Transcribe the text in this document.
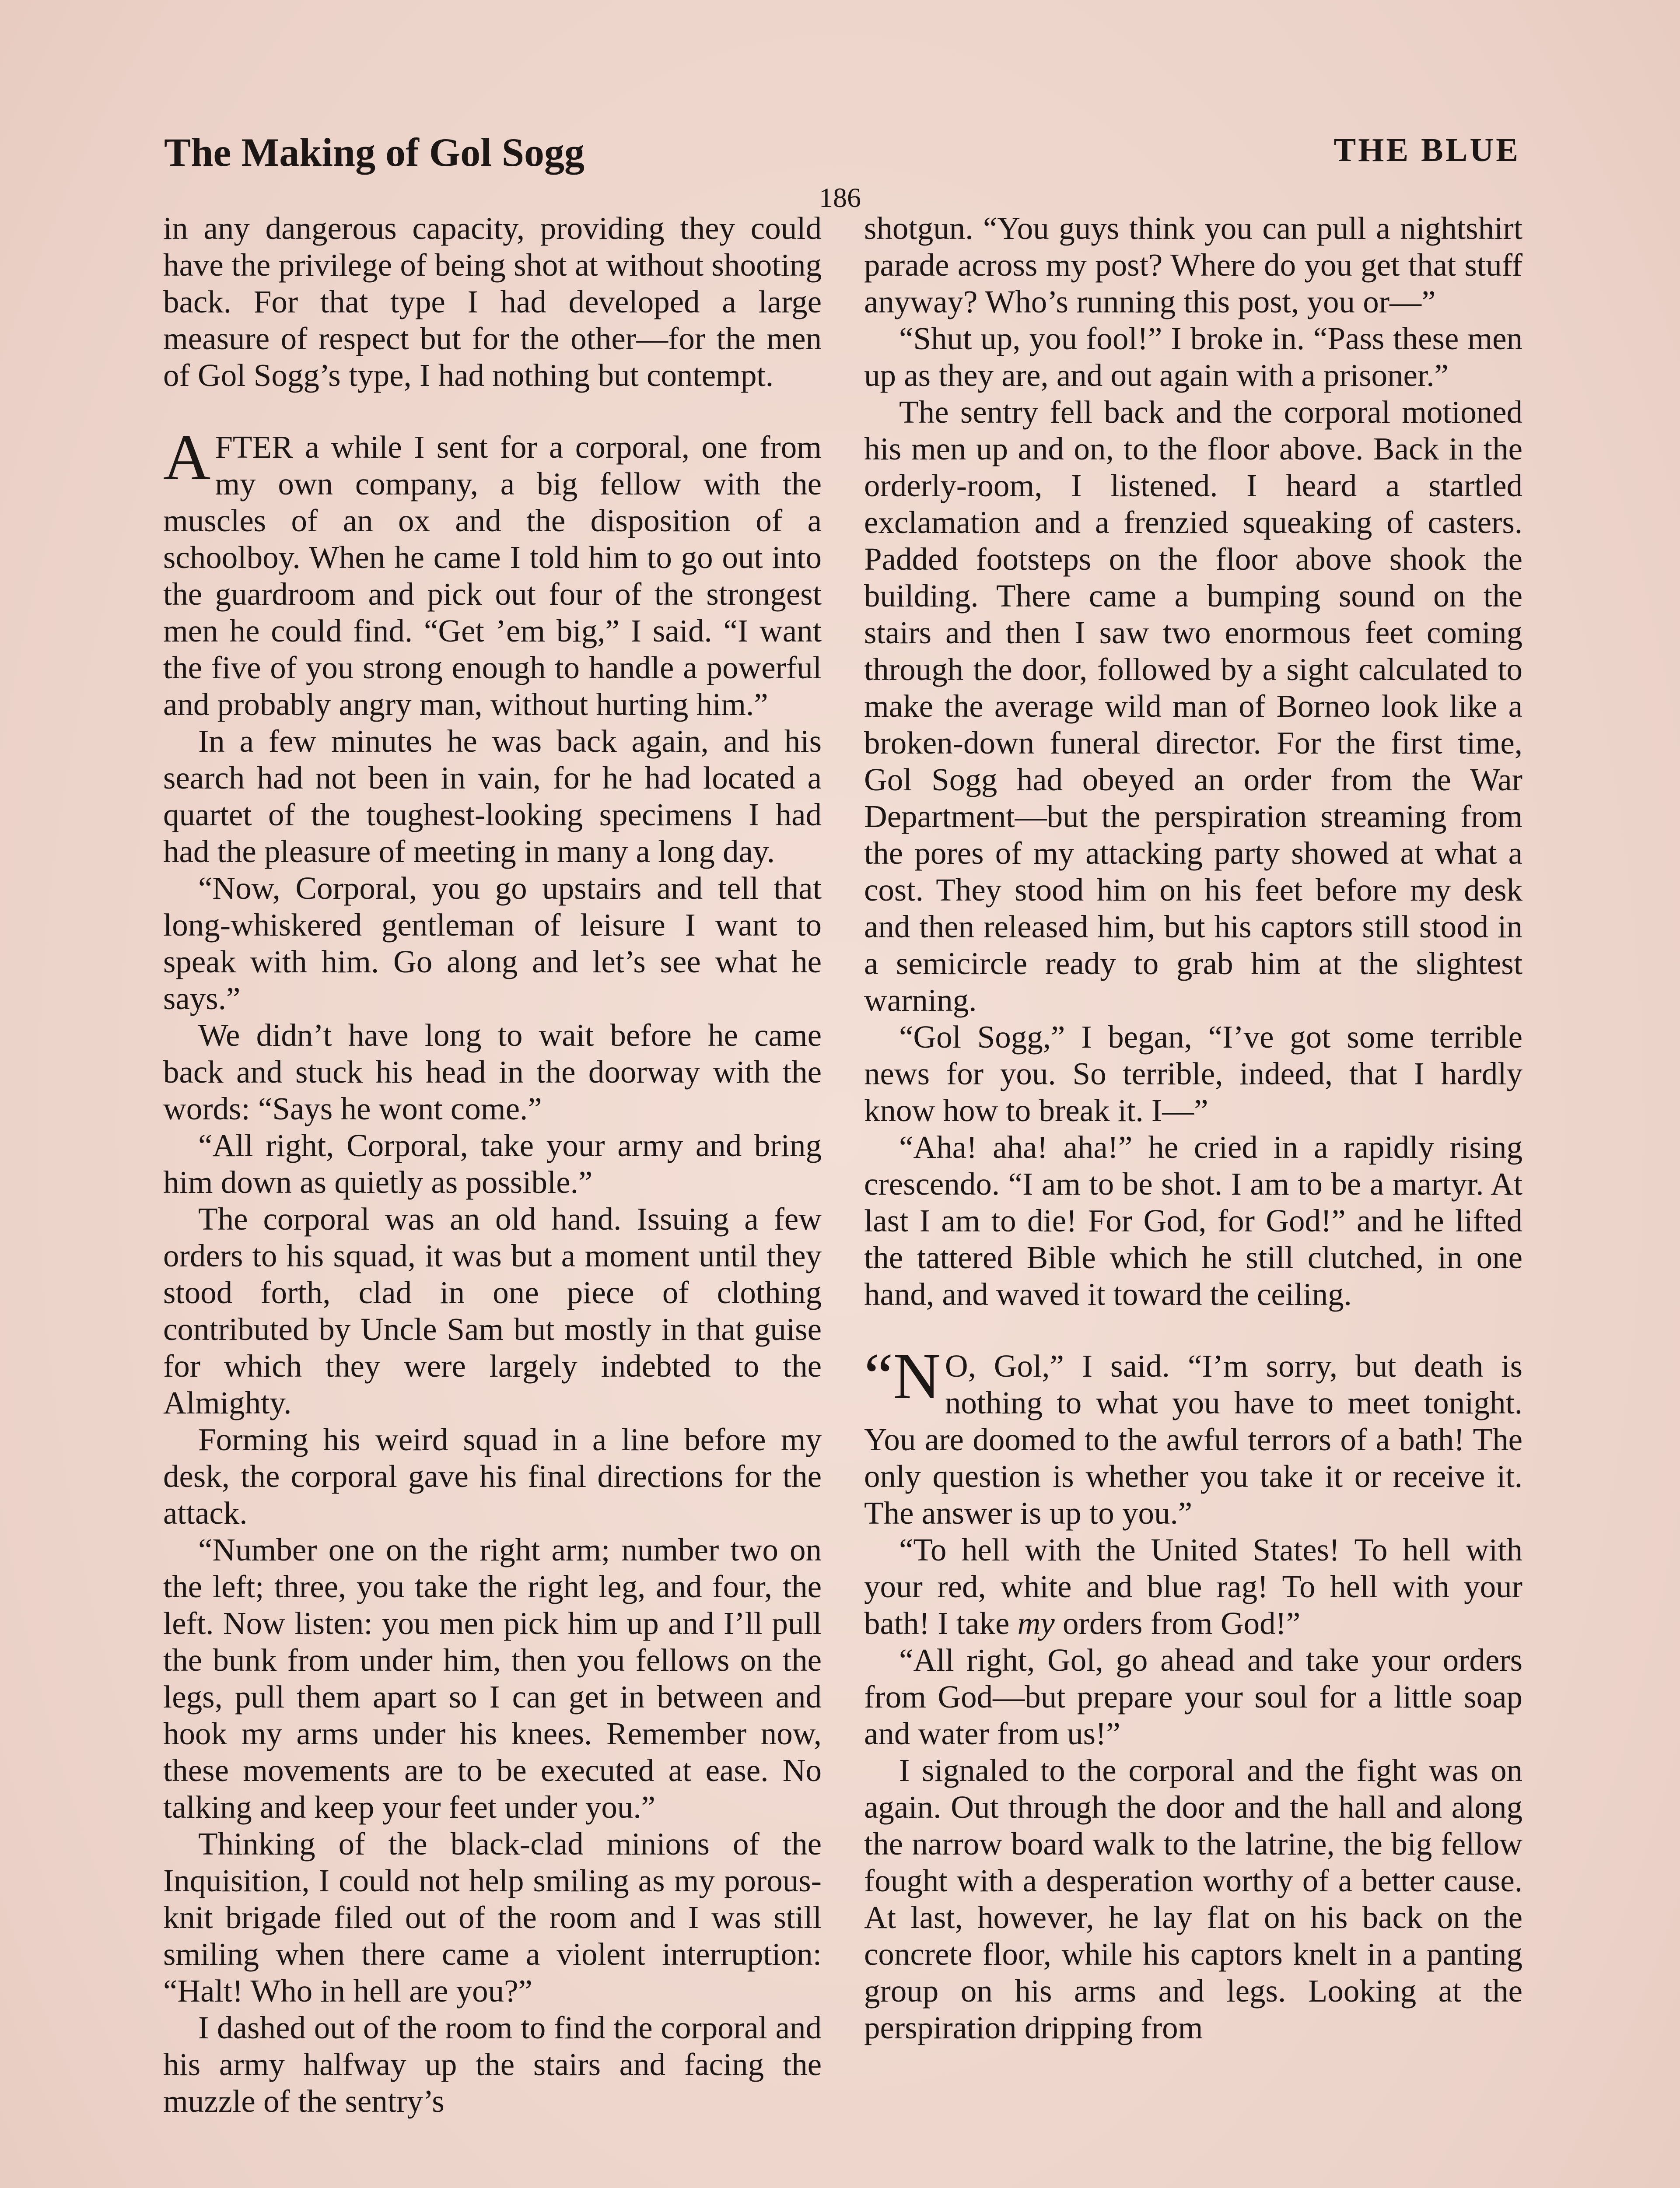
The Making of Gol Sogg	THE BLUE
186

in any dangerous capacity, providing they could have the privilege of being shot at without shooting back. For that type I had developed a large measure of respect but for the other—for the men of Gol Sogg’s type, I had nothing but contempt.

AFTER a while I sent for a corporal, one from my own company, a big fellow with the muscles of an ox and the disposition of a schoolboy. When he came I told him to go out into the guardroom and pick out four of the strongest men he could find. “Get ’em big,” I said. “I want the five of you strong enough to handle a powerful and probably angry man, without hurting him.”

In a few minutes he was back again, and his search had not been in vain, for he had located a quartet of the toughest-looking specimens I had had the pleasure of meeting in many a long day.

“Now, Corporal, you go upstairs and tell that long-whiskered gentleman of leisure I want to speak with him. Go along and let’s see what he says.”

We didn’t have long to wait before he came back and stuck his head in the doorway with the words: “Says he wont come.”

“All right, Corporal, take your army and bring him down as quietly as possible.”

The corporal was an old hand. Issuing a few orders to his squad, it was but a moment until they stood forth, clad in one piece of clothing contributed by Uncle Sam but mostly in that guise for which they were largely indebted to the Almighty.

Forming his weird squad in a line before my desk, the corporal gave his final directions for the attack.

“Number one on the right arm; number two on the left; three, you take the right leg, and four, the left. Now listen: you men pick him up and I’ll pull the bunk from under him, then you fellows on the legs, pull them apart so I can get in between and hook my arms under his knees. Remember now, these movements are to be executed at ease. No talking and keep your feet under you.”

Thinking of the black-clad minions of the Inquisition, I could not help smiling as my porous-knit brigade filed out of the room and I was still smiling when there came a violent interruption: “Halt! Who in hell are you?”

I dashed out of the room to find the corporal and his army halfway up the stairs and facing the muzzle of the sentry’s

shotgun. “You guys think you can pull a nightshirt parade across my post? Where do you get that stuff anyway? Who’s running this post, you or—”

“Shut up, you fool!” I broke in. “Pass these men up as they are, and out again with a prisoner.”

The sentry fell back and the corporal motioned his men up and on, to the floor above. Back in the orderly-room, I listened. I heard a startled exclamation and a frenzied squeaking of casters. Padded footsteps on the floor above shook the building. There came a bumping sound on the stairs and then I saw two enormous feet coming through the door, followed by a sight calculated to make the average wild man of Borneo look like a broken-down funeral director. For the first time, Gol Sogg had obeyed an order from the War Department—but the perspiration streaming from the pores of my attacking party showed at what a cost. They stood him on his feet before my desk and then released him, but his captors still stood in a semicircle ready to grab him at the slightest warning.

“Gol Sogg,” I began, “I’ve got some terrible news for you. So terrible, indeed, that I hardly know how to break it. I—”

“Aha! aha! aha!” he cried in a rapidly rising crescendo. “I am to be shot. I am to be a martyr. At last I am to die! For God, for God!” and he lifted the tattered Bible which he still clutched, in one hand, and waved it toward the ceiling.

“N O, Gol,” I said. “I’m sorry, but death is nothing to what you have to meet tonight. You are doomed to the awful terrors of a bath! The only question is whether you take it or receive it. The answer is up to you.”

“To hell with the United States! To hell with your red, white and blue rag! To hell with your bath! I take my orders from God!”

“All right, Gol, go ahead and take your orders from God—but prepare your soul for a little soap and water from us!”

I signaled to the corporal and the fight was on again. Out through the door and the hall and along the narrow board walk to the latrine, the big fellow fought with a desperation worthy of a better cause. At last, however, he lay flat on his back on the concrete floor, while his captors knelt in a panting group on his arms and legs. Looking at the perspiration dripping from
